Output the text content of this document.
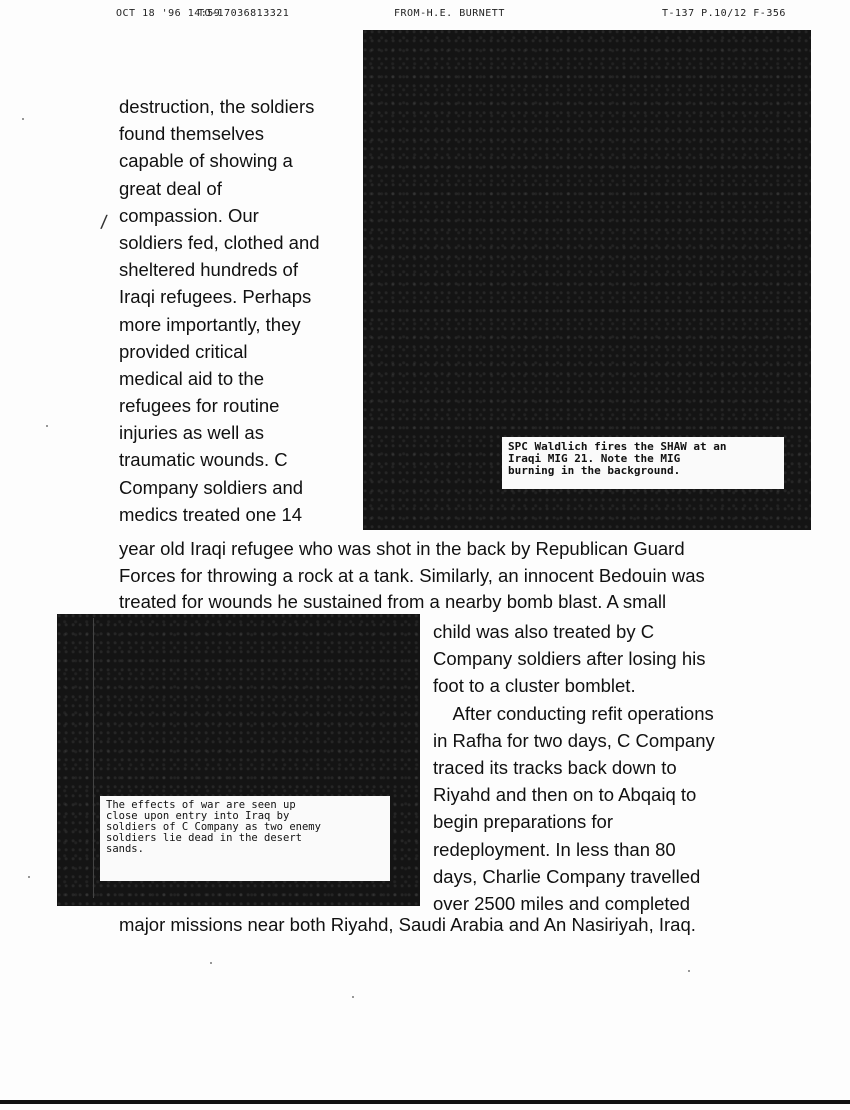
OCT 18 '96 14:59
TO-17036813321	FROM-H.E. BURNETT	T-137 P.10/12 F-356
SPC Waldlich fires the SHAW at an
Iraqi MIG 21. Note the MIG
burning in the background.
The effects of war are seen up
close upon entry into Iraq by
soldiers of C Company as two enemy
soldiers lie dead in the desert
sands.
/
destruction, the soldiers
found themselves
capable of showing a
great deal of
compassion. Our
soldiers fed, clothed and
sheltered hundreds of
Iraqi refugees. Perhaps
more importantly, they
provided critical
medical aid to the
refugees for routine
injuries as well as
traumatic wounds. C
Company soldiers and
medics treated one 14
year old Iraqi refugee who was shot in the back by Republican Guard
Forces for throwing a rock at a tank. Similarly, an innocent Bedouin was
treated for wounds he sustained from a nearby bomb blast. A small
child was also treated by C
Company soldiers after losing his
foot to a cluster bomblet.
After conducting refit operations
in Rafha for two days, C Company
traced its tracks back down to
Riyahd and then on to Abqaiq to
begin preparations for
redeployment. In less than 80
days, Charlie Company travelled
over 2500 miles and completed
major missions near both Riyahd, Saudi Arabia and An Nasiriyah, Iraq.
